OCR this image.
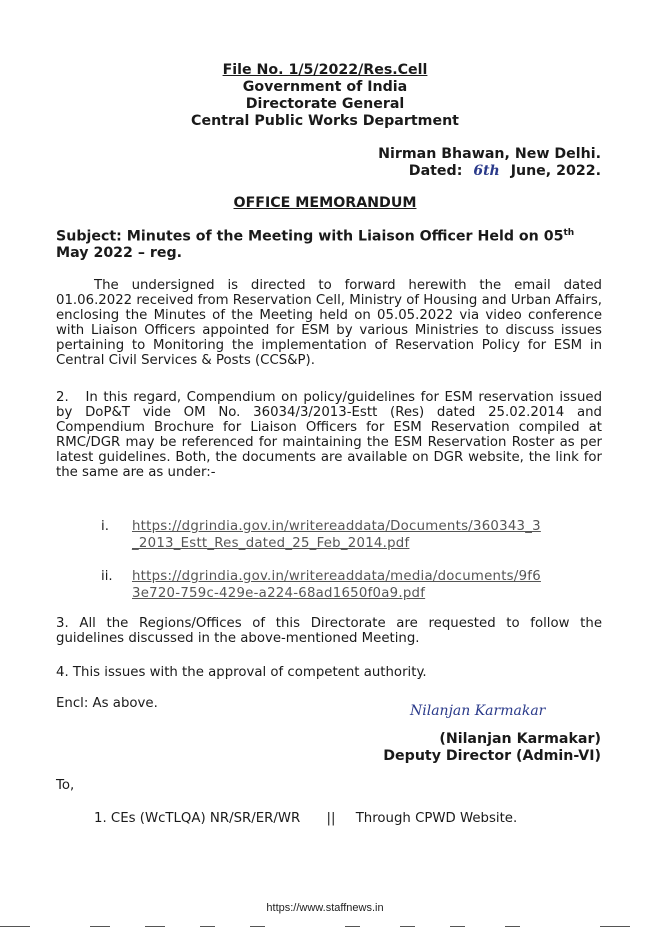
File No. 1/5/2022/Res.Cell
Government of India
Directorate General
Central Public Works Department
Nirman Bhawan, New Delhi.
Dated: 6th June, 2022.
OFFICE MEMORANDUM
Subject: Minutes of the Meeting with Liaison Officer Held on 05th
May 2022 – reg.

The undersigned is directed to forward herewith the email dated 01.06.2022 received from Reservation Cell, Ministry of Housing and Urban Affairs, enclosing the Minutes of the Meeting held on 05.05.2022 via video conference with Liaison Officers appointed for ESM by various Ministries to discuss issues pertaining to Monitoring the implementation of Reservation Policy for ESM in Central Civil Services & Posts (CCS&P).

2. In this regard, Compendium on policy/guidelines for ESM reservation issued by DoP&T vide OM No. 36034/3/2013-Estt (Res) dated 25.02.2014 and Compendium Brochure for Liaison Officers for ESM Reservation compiled at RMC/DGR may be referenced for maintaining the ESM Reservation Roster as per latest guidelines. Both, the documents are available on DGR website, the link for the same are as under:-
i. https://dgrindia.gov.in/writereaddata/Documents/360343_3
_2013_Estt_Res_dated_25_Feb_2014.pdf
ii. https://dgrindia.gov.in/writereaddata/media/documents/9f6
3e720-759c-429e-a224-68ad1650f0a9.pdf

3. All the Regions/Offices of this Directorate are requested to follow the guidelines discussed in the above-mentioned Meeting.

4. This issues with the approval of competent authority.

Encl: As above.	Nilanjan Karmakar
(Nilanjan Karmakar)
Deputy Director (Admin-VI)
To,
1. CEs (WcTLQA) NR/SR/ER/WR || Through CPWD Website.
https://www.staffnews.in
